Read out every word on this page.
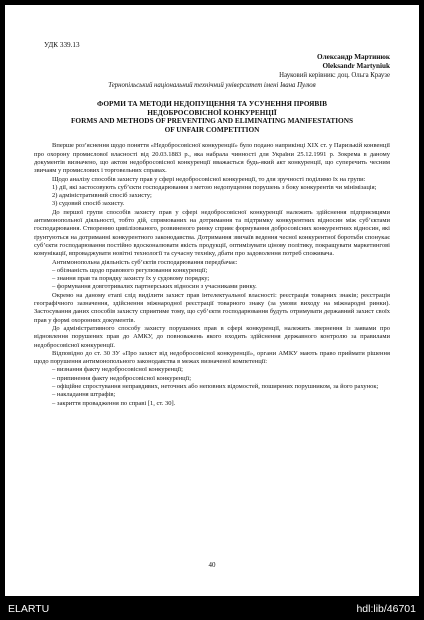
УДК 339.13
Олександр Мартинюк
Oleksandr Martyniuk
Науковий керівник: доц. Ольга Краузе
Тернопільський національний технічний університет імені Івана Пулюя
ФОРМИ ТА МЕТОДИ НЕДОПУЩЕННЯ ТА УСУНЕННЯ ПРОЯВІВ
НЕДОБРОСОВІСНОЇ КОНКУРЕНЦІЇ
FORMS AND METHODS OF PREVENTING AND ELIMINATING MANIFESTATIONS
OF UNFAIR COMPETITION

Вперше роз’яснення щодо поняття «Недобросовісної конкуренції» було подано наприкінці XIX ст. у Паризькій конвенції про охорону промислової власності від 20.03.1883 р., яка набрала чинності для України 25.12.1991 р. Зокрема в даному документів визначено, що актом недобросовісної конкуренції вважається будь-який акт конкуренції, що суперечить чесним звичаям у промислових і торговельних справах.

Щодо аналізу способів захисту прав у сфері недобросовісної конкуренції, то для зручності поділимо їх на групи:

1) дії, які застосовують суб’єкти господарювання з метою недопущення порушень з боку конкурентів чи мінімізація;

2) адміністративний спосіб захисту;

3) судовий спосіб захисту.

До першої групи способів захисту прав у сфері недобросовісної конкуренції належить здійснення підприємцями антимонопольної діяльності, тобто дій, спрямованих на дотримання та підтримку конкурентних відносин між суб’єктами господарювання. Створенню цивілізованого, розвиненого ринку сприяє формування добросовісних конкурентних відносин, які ґрунтуються на дотриманні конкурентного законодавства. Дотримання звичаїв ведення чесної конкурентної боротьби спонукає суб’єкти господарювання постійно вдосконалювати якість продукції, оптимізувати цінову політику, покращувати маркетингові комунікації, впроваджувати новітні технології та сучасну техніку, дбати про задоволення потреб споживача.

Антимонопольна діяльність суб’єктів господарювання передбачає:

– обізнаність щодо правового регулювання конкуренції;

– знання прав та порядку захисту їх у судовому порядку;

– формування довготривалих партнерських відносин з учасниками ринку.

Окремо на даному етапі слід виділити захист прав інтелектуальної власності: реєстрація товарних знаків; реєстрація географічного зазначення, здійснення міжнародної реєстрації товарного знаку (за умови виходу на міжнародні ринки). Застосування даних способів захисту сприятиме тому, що суб’єкти господарювання будуть отримувати державний захист своїх прав у формі охоронних документів.

До адміністративного способу захисту порушених прав в сфері конкуренції, належить звернення із заявами про відновлення порушених прав до АМКУ, до повноважень якого входить здійснення державного контролю за правилами недобросовісної конкуренції.

Відповідно до ст. 30 ЗУ «Про захист від недобросовісної конкуренції», органи АМКУ мають право приймати рішення щодо порушення антимонопольного законодавства в межах визначеної компетенції:

– визнання факту недобросовісної конкуренції;

– припинення факту недобросовісної конкуренції;

– офіційне спростування неправдивих, неточних або неповних відомостей, поширених порушником, за його рахунок;

– накладання штрафів;

– закриття провадження по справі [1, ст. 30].

40
ELARTU	hdl:lib/46701
